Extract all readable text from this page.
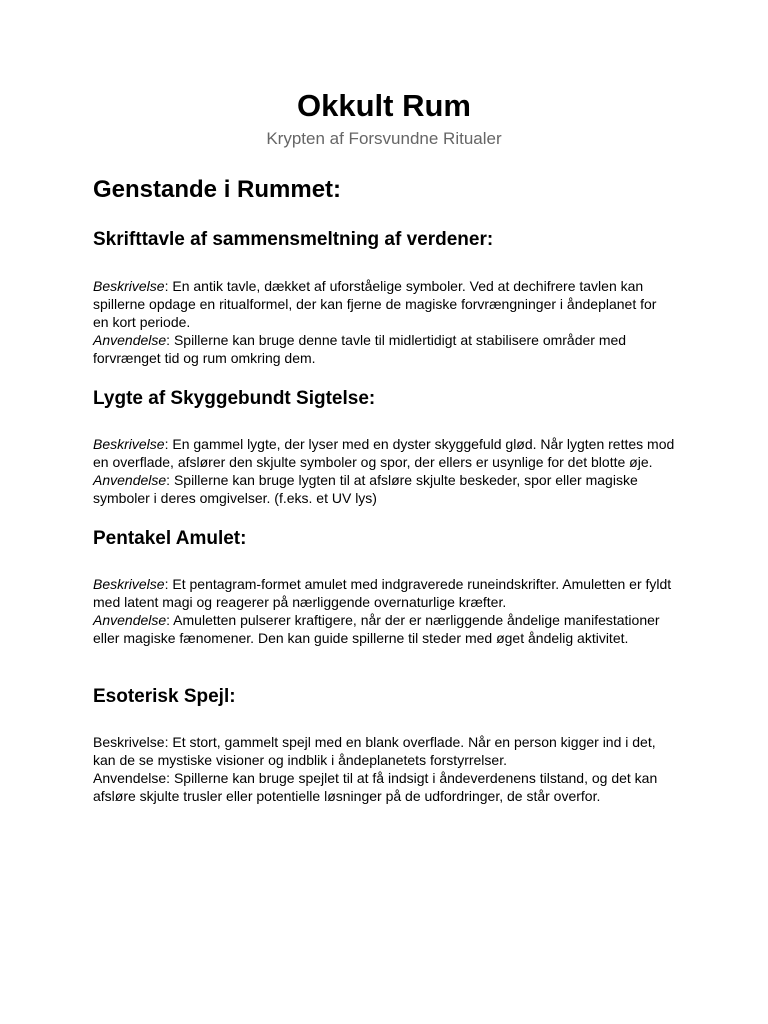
Okkult Rum
Krypten af Forsvundne Ritualer
Genstande i Rummet:
Skrifttavle af sammensmeltning af verdener:

Beskrivelse: En antik tavle, dækket af uforståelige symboler. Ved at dechifrere tavlen kan spillerne opdage en ritualformel, der kan fjerne de magiske forvrængninger i åndeplanet for en kort periode.

Anvendelse: Spillerne kan bruge denne tavle til midlertidigt at stabilisere områder med forvrænget tid og rum omkring dem.

Lygte af Skyggebundt Sigtelse:

Beskrivelse: En gammel lygte, der lyser med en dyster skyggefuld glød. Når lygten rettes mod en overflade, afslører den skjulte symboler og spor, der ellers er usynlige for det blotte øje.

Anvendelse: Spillerne kan bruge lygten til at afsløre skjulte beskeder, spor eller magiske symboler i deres omgivelser. (f.eks. et UV lys)

Pentakel Amulet:

Beskrivelse: Et pentagram-formet amulet med indgraverede runeindskrifter. Amuletten er fyldt med latent magi og reagerer på nærliggende overnaturlige kræfter.

Anvendelse: Amuletten pulserer kraftigere, når der er nærliggende åndelige manifestationer eller magiske fænomener. Den kan guide spillerne til steder med øget åndelig aktivitet.

Esoterisk Spejl:

Beskrivelse: Et stort, gammelt spejl med en blank overflade. Når en person kigger ind i det, kan de se mystiske visioner og indblik i åndeplanetets forstyrrelser.

Anvendelse: Spillerne kan bruge spejlet til at få indsigt i åndeverdenens tilstand, og det kan afsløre skjulte trusler eller potentielle løsninger på de udfordringer, de står overfor.
